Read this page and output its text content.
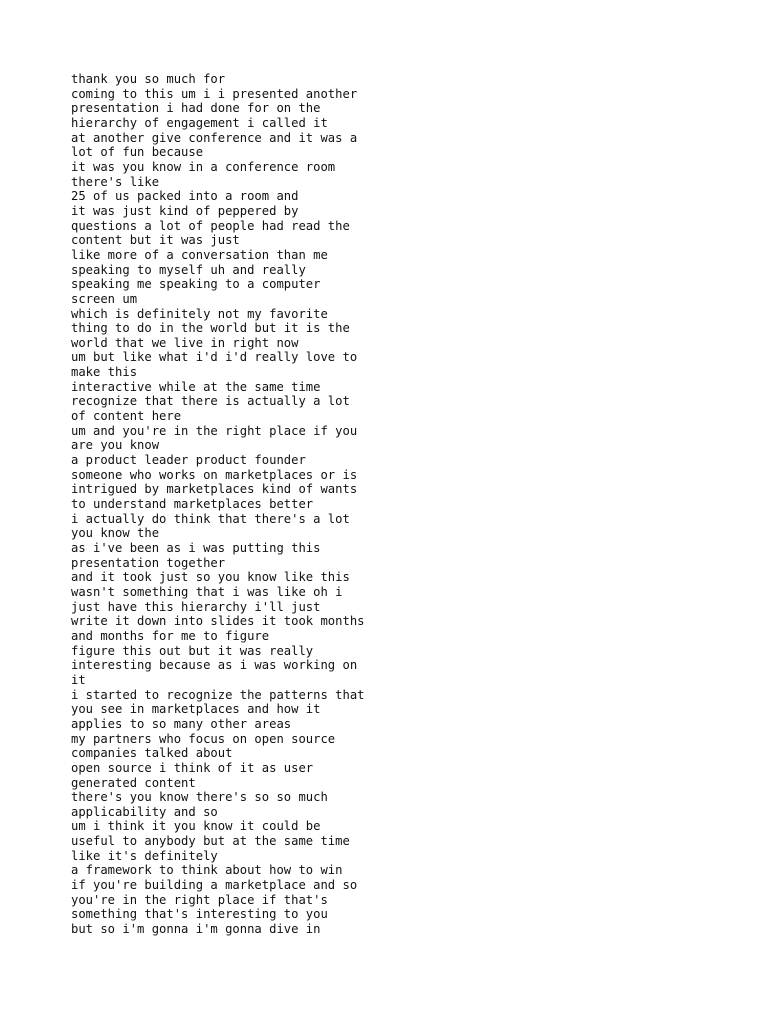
thank you so much for
coming to this um i i presented another
presentation i had done for on the
hierarchy of engagement i called it
at another give conference and it was a
lot of fun because
it was you know in a conference room
there's like
25 of us packed into a room and
it was just kind of peppered by
questions a lot of people had read the
content but it was just
like more of a conversation than me
speaking to myself uh and really
speaking me speaking to a computer
screen um
which is definitely not my favorite
thing to do in the world but it is the
world that we live in right now
um but like what i'd i'd really love to
make this
interactive while at the same time
recognize that there is actually a lot
of content here
um and you're in the right place if you
are you know
a product leader product founder
someone who works on marketplaces or is
intrigued by marketplaces kind of wants
to understand marketplaces better
i actually do think that there's a lot
you know the
as i've been as i was putting this
presentation together
and it took just so you know like this
wasn't something that i was like oh i
just have this hierarchy i'll just
write it down into slides it took months
and months for me to figure
figure this out but it was really
interesting because as i was working on
it
i started to recognize the patterns that
you see in marketplaces and how it
applies to so many other areas
my partners who focus on open source
companies talked about
open source i think of it as user
generated content
there's you know there's so so much
applicability and so
um i think it you know it could be
useful to anybody but at the same time
like it's definitely
a framework to think about how to win
if you're building a marketplace and so
you're in the right place if that's
something that's interesting to you
but so i'm gonna i'm gonna dive in
